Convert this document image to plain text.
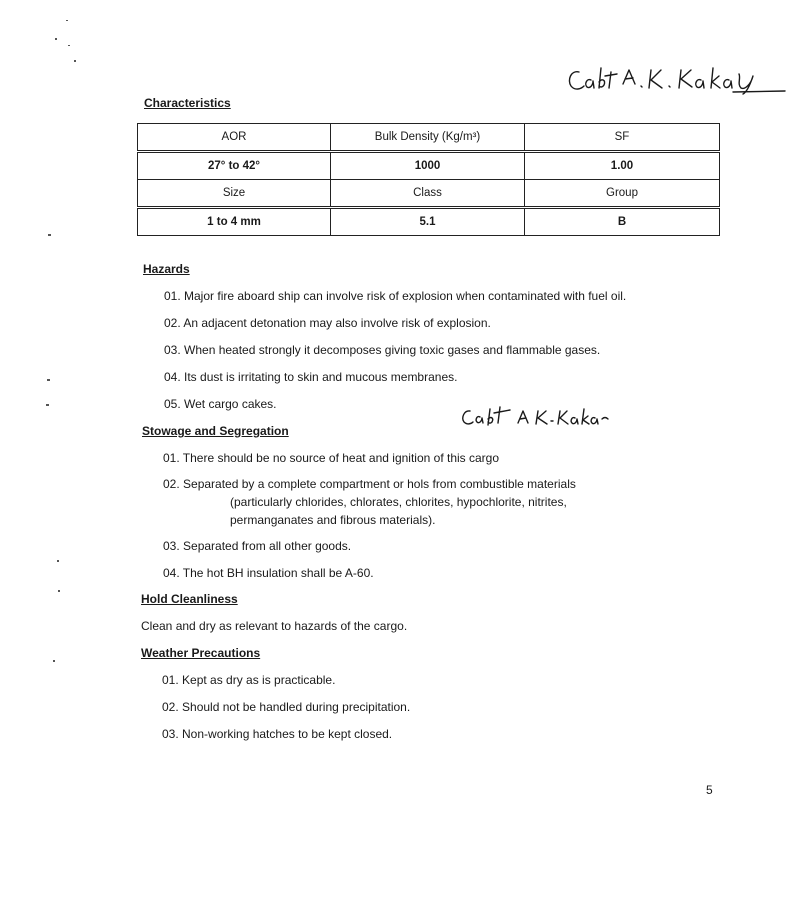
Characteristics
AOR	Bulk Density (Kg/m³)	SF
27° to 42°	1000	1.00
Size	Class	Group
1 to 4 mm	5.1	B
Hazards
01. Major fire aboard ship can involve risk of explosion when contaminated with fuel oil.
02. An adjacent detonation may also involve risk of explosion.
03. When heated strongly it decomposes giving toxic gases and flammable gases.
04. Its dust is irritating to skin and mucous membranes.
05. Wet cargo cakes.
Stowage and Segregation
01. There should be no source of heat and ignition of this cargo
02. Separated by a complete compartment or hols from combustible materials
(particularly chlorides, chlorates, chlorites, hypochlorite, nitrites,
permanganates and fibrous materials).
03. Separated from all other goods.
04. The hot BH insulation shall be A-60.
Hold Cleanliness
Clean and dry as relevant to hazards of the cargo.
Weather Precautions
01. Kept as dry as is practicable.
02. Should not be handled during precipitation.
03. Non-working hatches to be kept closed.
5
